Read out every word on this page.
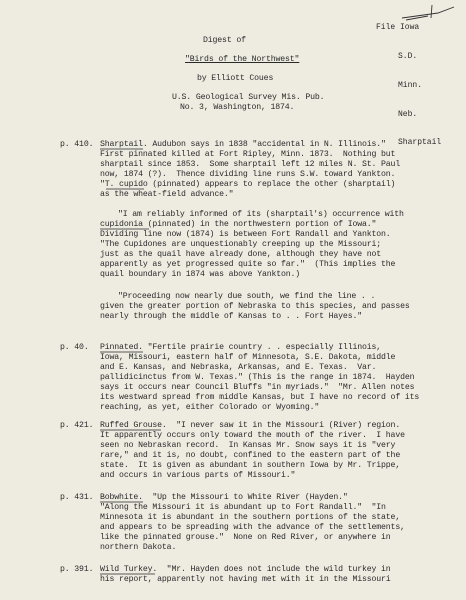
File Iowa

S.D.

Minn.

Neb.

Sharptail

Digest of
"Birds of the Northwest"
by Elliott Coues
U.S. Geological Survey Mis. Pub.
No. 3, Washington, 1874.
p. 410. Sharptail. Audubon says in 1838 "accidental in N. Illinois."
First pinnated killed at Fort Ripley, Minn. 1873.  Nothing but
sharptail since 1853.  Some sharptail left 12 miles N. St. Paul
now, 1874 (?).  Thence dividing line runs S.W. toward Yankton.
"T. cupido (pinnated) appears to replace the other (sharptail)
as the wheat-field advance."
"I am reliably informed of its (sharptail's) occurrence with
cupidonia (pinnated) in the northwestern portion of Iowa."
Dividing line now (1874) is between Fort Randall and Yankton.
"The Cupidones are unquestionably creeping up the Missouri;
just as the quail have already done, although they have not
apparently as yet progressed quite so far."  (This implies the
quail boundary in 1874 was above Yankton.)
"Proceeding now nearly due south, we find the line . .
given the greater portion of Nebraska to this species, and passes
nearly through the middle of Kansas to . . Fort Hayes."
p. 40. Pinnated. "Fertile prairie country . . especially Illinois,
Iowa, Missouri, eastern half of Minnesota, S.E. Dakota, middle
and E. Kansas, and Nebraska, Arkansas, and E. Texas.  Var.
pallidicinctus from W. Texas." (This is the range in 1874.  Hayden
says it occurs near Council Bluffs "in myriads."  "Mr. Allen notes
its westward spread from middle Kansas, but I have no record of its
reaching, as yet, either Colorado or Wyoming."
p. 421. Ruffed Grouse.  "I never saw it in the Missouri (River) region.
It apparently occurs only toward the mouth of the river.  I have
seen no Nebraskan record.  In Kansas Mr. Snow says it is "very
rare," and it is, no doubt, confined to the eastern part of the
state.  It is given as abundant in southern Iowa by Mr. Trippe,
and occurs in various parts of Missouri."
p. 431. Bobwhite.  "Up the Missouri to White River (Hayden."
"Along the Missouri it is abundant up to Fort Randall."  "In
Minnesota it is abundant in the southern portions of the state,
and appears to be spreading with the advance of the settlements,
like the pinnated grouse."  None on Red River, or anywhere in
northern Dakota.
p. 391. Wild Turkey.  "Mr. Hayden does not include the wild turkey in
his report, apparently not having met with it in the Missouri
